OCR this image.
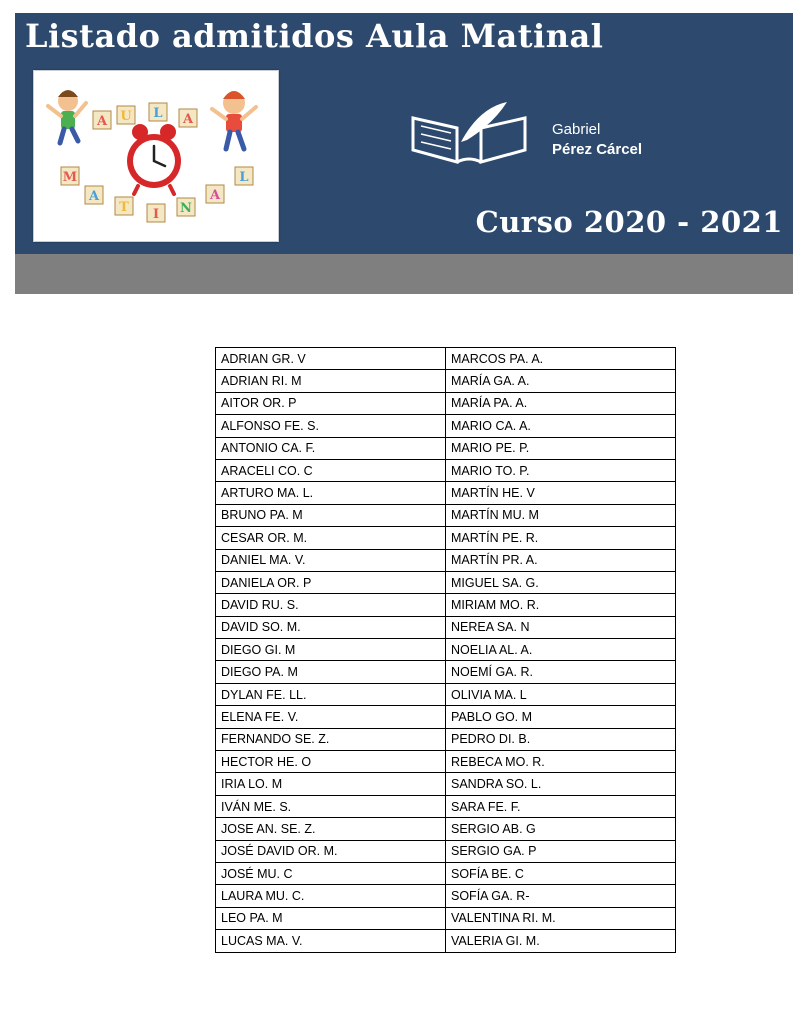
Listado admitidos Aula Matinal
A U L A
M
A
T I N
A
L
Gabriel
Pérez Cárcel
Curso 2020 - 2021
ADRIAN GR. V	MARCOS PA. A.
ADRIAN RI. M	MARÍA GA. A.
AITOR OR. P	MARÍA PA. A.
ALFONSO FE. S.	MARIO CA. A.
ANTONIO CA. F.	MARIO PE. P.
ARACELI CO. C	MARIO TO. P.
ARTURO MA. L.	MARTÍN HE. V
BRUNO PA. M	MARTÍN MU. M
CESAR OR. M.	MARTÍN PE. R.
DANIEL MA. V.	MARTÍN PR. A.
DANIELA OR. P	MIGUEL SA. G.
DAVID RU. S.	MIRIAM MO. R.
DAVID SO. M.	NEREA SA. N
DIEGO GI. M	NOELIA AL. A.
DIEGO PA. M	NOEMÍ GA. R.
DYLAN FE. LL.	OLIVIA MA. L
ELENA FE. V.	PABLO GO. M
FERNANDO SE. Z.	PEDRO DI. B.
HECTOR HE. O	REBECA MO. R.
IRIA LO. M	SANDRA SO. L.
IVÁN ME. S.	SARA FE. F.
JOSE AN. SE. Z.	SERGIO AB. G
JOSÉ DAVID OR. M.	SERGIO GA. P
JOSÉ MU. C	SOFÍA BE. C
LAURA MU. C.	SOFÍA GA. R-
LEO PA. M	VALENTINA RI. M.
LUCAS MA. V.	VALERIA GI. M.
